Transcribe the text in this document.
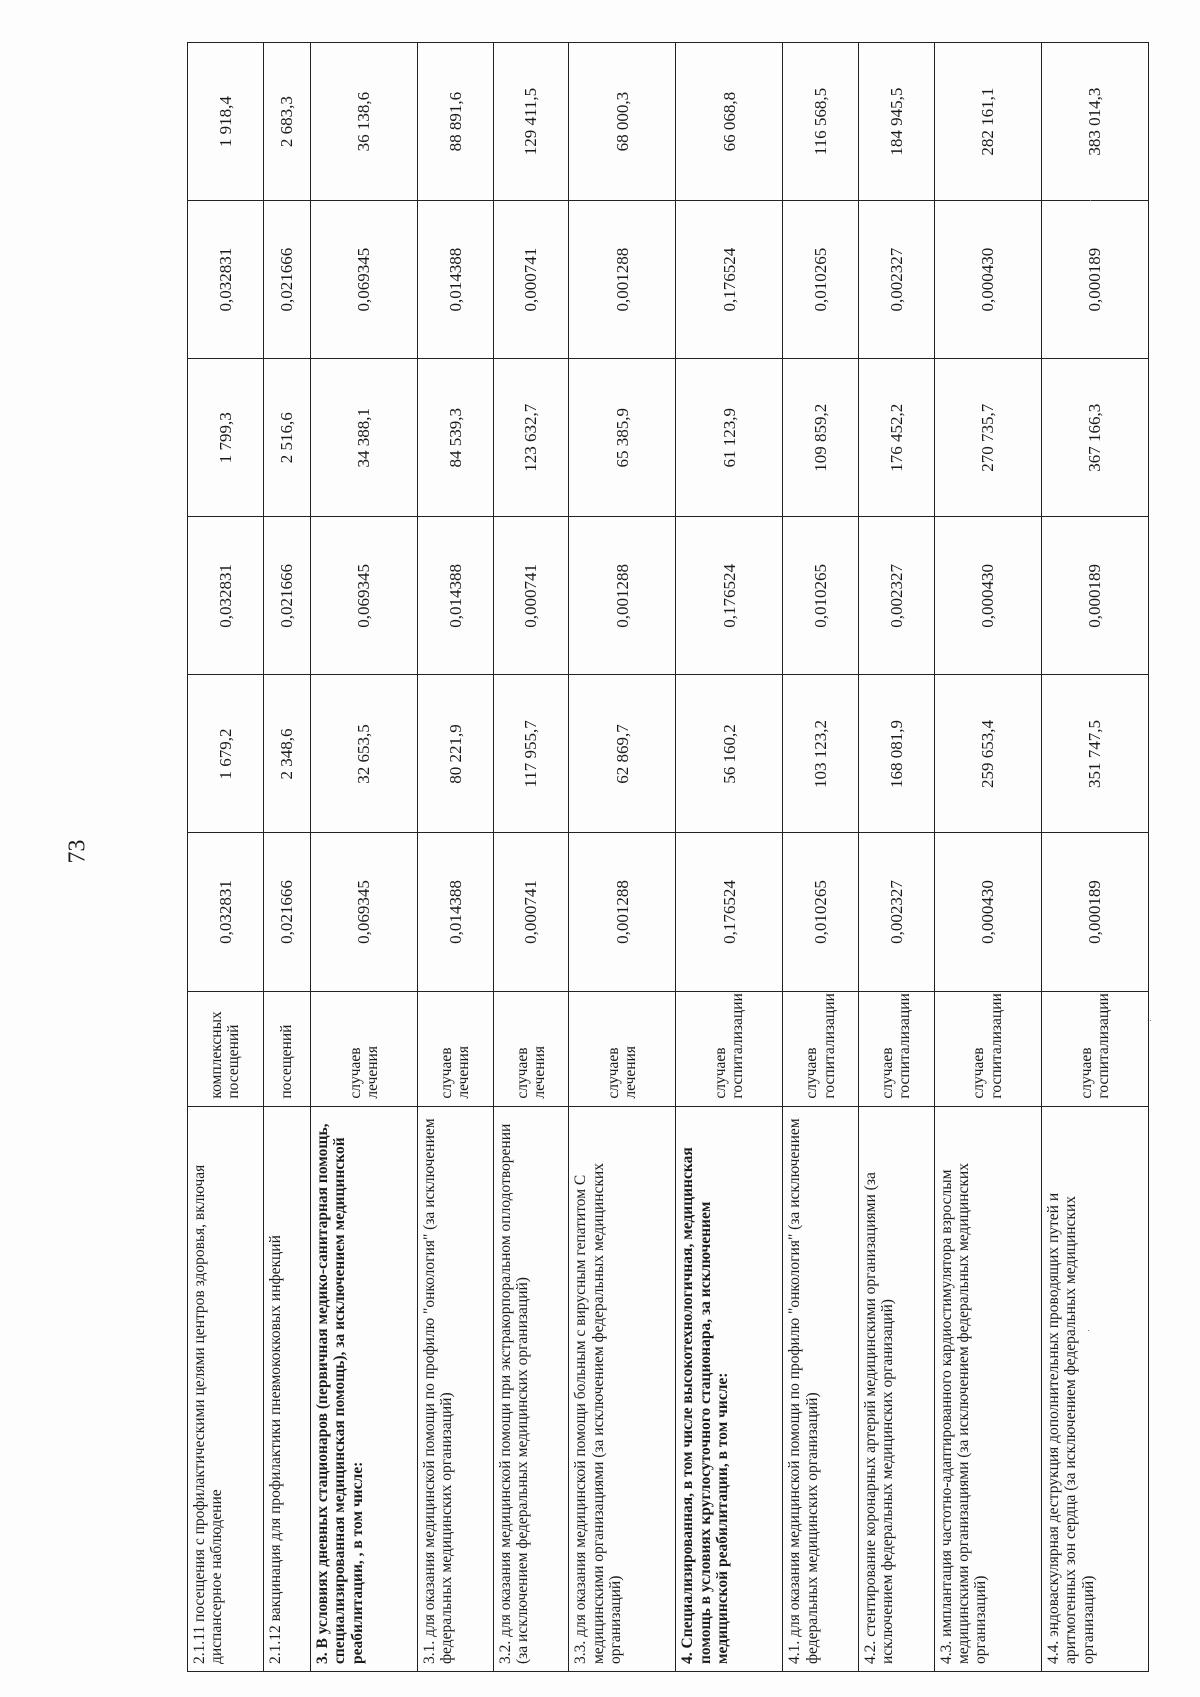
73
2.1.11 посещения с профилактическими целями центров здоровья, включая диспансерное наблюдение	комплексных посещений	0,032831	1 679,2	0,032831	1 799,3	0,032831	1 918,4
2.1.12 вакцинация для профилактики пневмококковых инфекций	посещений	0,021666	2 348,6	0,021666	2 516,6	0,021666	2 683,3
3. В условиях дневных стационаров (первичная медико-санитарная помощь, специализированная медицинская помощь), за исключением медицинской реабилитации, , в том числе:	случаев лечения	0,069345	32 653,5	0,069345	34 388,1	0,069345	36 138,6
3.1. для оказания медицинской помощи по профилю "онкология" (за исключением федеральных медицинских организаций)	случаев лечения	0,014388	80 221,9	0,014388	84 539,3	0,014388	88 891,6
3.2. для оказания медицинской помощи при экстракорпоральном оплодотворении (за исключением федеральных медицинских организаций)	случаев лечения	0,000741	117 955,7	0,000741	123 632,7	0,000741	129 411,5
3.3. для оказания медицинской помощи больным с вирусным гепатитом С медицинскими организациями (за исключением федеральных медицинских организаций)	случаев лечения	0,001288	62 869,7	0,001288	65 385,9	0,001288	68 000,3
4. Специализированная, в том числе высокотехнологичная, медицинская помощь в условиях круглосуточного стационара, за исключением медицинской реабилитации, в том числе:	случаев госпитализации	0,176524	56 160,2	0,176524	61 123,9	0,176524	66 068,8
4.1. для оказания медицинской помощи по профилю "онкология" (за исключением федеральных медицинских организаций)	случаев госпитализации	0,010265	103 123,2	0,010265	109 859,2	0,010265	116 568,5
4.2. стентирование коронарных артерий медицинскими организациями (за исключением федеральных медицинских организаций)	случаев госпитализации	0,002327	168 081,9	0,002327	176 452,2	0,002327	184 945,5
4.3. имплантация частотно-адаптированного кардиостимулятора взрослым медицинскими организациями (за исключением федеральных медицинских организаций)	случаев госпитализации	0,000430	259 653,4	0,000430	270 735,7	0,000430	282 161,1
4.4. эндоваскулярная деструкция дополнительных проводящих путей и аритмогенных зон сердца (за исключением федеральных медицинских организаций)	случаев госпитализации	0,000189	351 747,5	0,000189	367 166,3	0,000189	383 014,3
